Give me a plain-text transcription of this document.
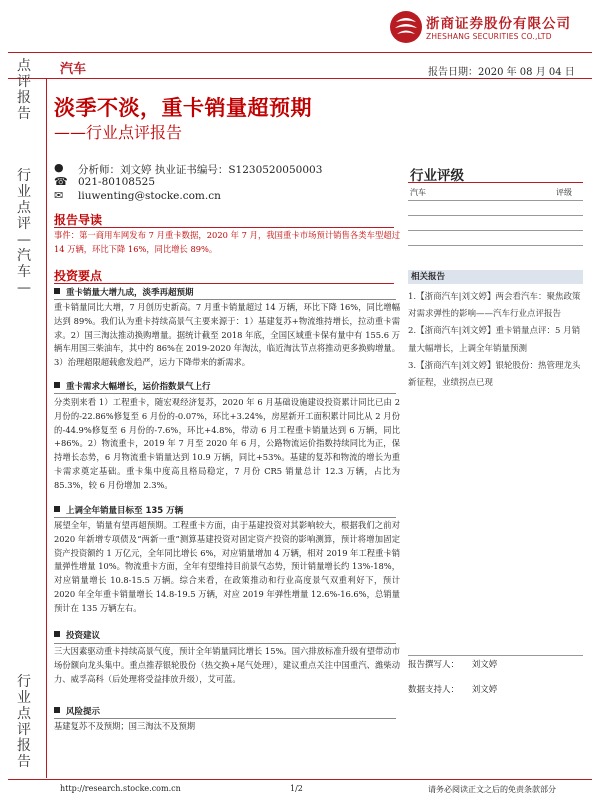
浙商证券股份有限公司
ZHESHANG SECURITIES CO.,LTD
点评报告
行业点评—汽车—
行业点评报告
汽车	报告日期：2020 年 08 月 04 日
淡季不淡，重卡销量超预期
——行业点评报告
● 分析师：刘文婷 执业证书编号：S1230520050003
☎ 021-80108525
✉ liuwenting@stocke.com.cn
行业评级
汽车	评级
相关报告
1.【浙商汽车|刘文婷】两会看汽车：聚焦政策对需求弹性的影响——汽车行业点评报告
2.【浙商汽车|刘文婷】重卡销量点评：5 月销量大幅增长，上调全年销量预测
3.【浙商汽车|刘文婷】银轮股份：热管理龙头新征程，业绩拐点已现
报告撰写人：　　刘文婷
数据支持人：　　刘文婷
报告导读
事件：第一商用车网发布 7 月重卡数据，2020 年 7 月，我国重卡市场预计销售各类车型超过 14 万辆，环比下降 16%，同比增长 89%。
投资要点
重卡销量大增九成，淡季再超预期
重卡销量同比大增，7 月创历史新高。7 月重卡销量超过 14 万辆，环比下降 16%，同比增幅达到 89%。我们认为重卡持续高景气主要来源于：1）基建复苏+物流维持增长，拉动重卡需求。2）国三淘汰推动换购增量。据统计截至 2018 年底，全国区域重卡保有量中有 155.6 万辆车用国三柴油车，其中约 86%在 2019-2020 年淘汰，临近淘汰节点将推动更多换购增量。3）治理超限超载愈发趋严，运力下降带来的新需求。
重卡需求大幅增长，运价指数景气上行
分类别来看 1）工程重卡，随宏观经济复苏，2020 年 6 月基础设施建设投资累计同比已由 2 月份的-22.86%修复至 6 月份的-0.07%，环比+3.24%，房屋新开工面积累计同比从 2 月份的-44.9%修复至 6 月份的-7.6%，环比+4.8%，带动 6 月工程重卡销量达到 6 万辆，同比+86%。2）物流重卡，2019 年 7 月至 2020 年 6 月，公路物流运价指数持续同比为正，保持增长态势，6 月物流重卡销量达到 10.9 万辆，同比+53%。基建的复苏和物流的增长为重卡需求奠定基础。重卡集中度高且格局稳定，7 月份 CR5 销量总计 12.3 万辆，占比为 85.3%，较 6 月份增加 2.3%。
上调全年销量目标至 135 万辆
展望全年，销量有望再超预期。工程重卡方面，由于基建投资对其影响较大，根据我们之前对 2020 年新增专项债及“两新一重”测算基建投资对固定资产投资的影响测算，预计将增加固定资产投资额约 1 万亿元，全年同比增长 6%，对应销量增加 4 万辆，相对 2019 年工程重卡销量弹性增量 10%。物流重卡方面，全年有望维持目前景气态势，预计销量增长约 13%-18%，对应销量增长 10.8-15.5 万辆。综合来看，在政策推动和行业高度景气双重利好下，预计 2020 年全年重卡销量增长 14.8-19.5 万辆，对应 2019 年弹性增量 12.6%-16.6%，总销量预计在 135 万辆左右。
投资建议
三大因素驱动重卡持续高景气度，预计全年销量同比增长 15%。国六排放标准升级有望带动市场份额向龙头集中。重点推荐银轮股份（热交换+尾气处理），建议重点关注中国重汽、潍柴动力、威孚高科（后处理将受益排放升级），艾可蓝。
风险提示
基建复苏不及预期；国三淘汰不及预期
http://research.stocke.com.cn	1/2	请务必阅读正文之后的免责条款部分
